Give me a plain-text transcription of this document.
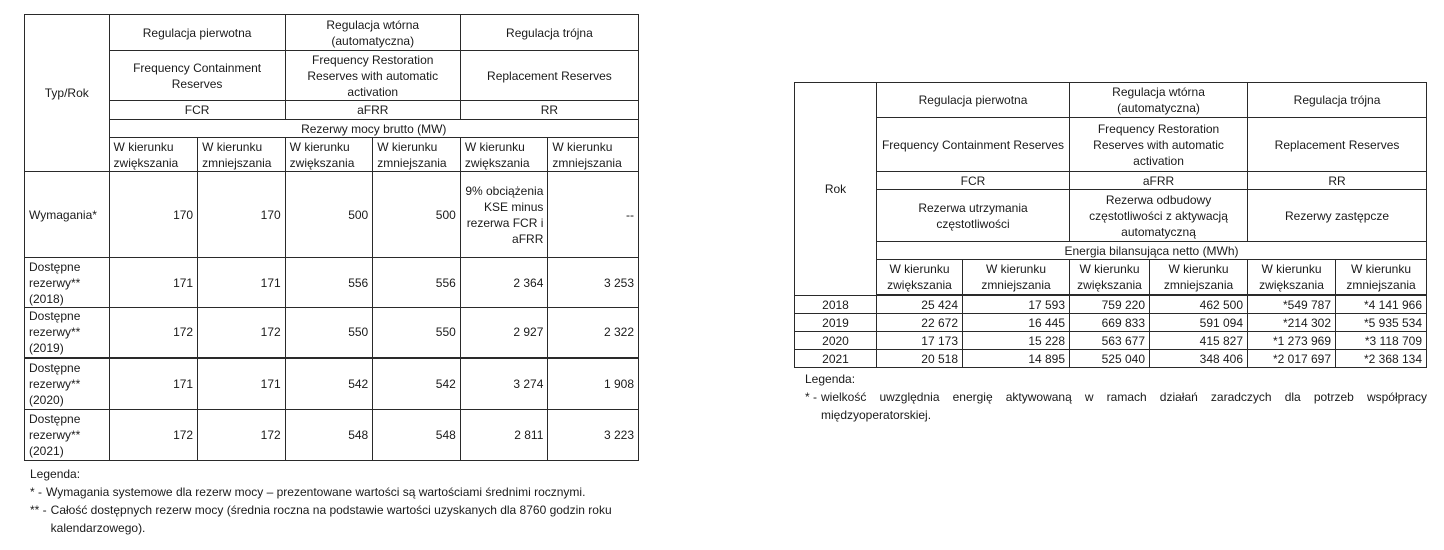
Typ/Rok	Regulacja pierwotna		Regulacja wtórna (automatyczna)		Regulacja trójna	
	Frequency Containment Reserves		Frequency Restoration Reserves with automatic activation		Replacement Reserves	
	FCR		aFRR		RR	
	Rezerwy mocy brutto (MW)					
	W kierunku zwiększania	W kierunku zmniejszania	W kierunku zwiększania	W kierunku zmniejszania	W kierunku zwiększania	W kierunku zmniejszania
Wymagania*	170	170	500	500	9% obciążenia KSE minus rezerwa FCR i aFRR	--
Dostępne rezerwy** (2018)	171	171	556	556	2 364	3 253
Dostępne rezerwy** (2019)	172	172	550	550	2 927	2 322
Dostępne rezerwy** (2020)	171	171	542	542	3 274	1 908
Dostępne rezerwy** (2021)	172	172	548	548	2 811	3 223
Legenda:
* - Wymagania systemowe dla rezerw mocy – prezentowane wartości są wartościami średnimi rocznymi.
** - Całość dostępnych rezerw mocy (średnia roczna na podstawie wartości uzyskanych dla 8760 godzin roku kalendarzowego).
Rok	Regulacja pierwotna		Regulacja wtórna (automatyczna)		Regulacja trójna	
	Frequency Containment Reserves		Frequency Restoration Reserves with automatic activation		Replacement Reserves	
	FCR		aFRR		RR	
	Rezerwa utrzymania częstotliwości		Rezerwa odbudowy częstotliwości z aktywacją automatyczną		Rezerwy zastępcze	
	Energia bilansująca netto (MWh)					
	W kierunku zwiększania	W kierunku zmniejszania	W kierunku zwiększania	W kierunku zmniejszania	W kierunku zwiększania	W kierunku zmniejszania

2018	25 424	17 593	759 220	462 500	*549 787	*4 141 966
2019	22 672	16 445	669 833	591 094	*214 302	*5 935 534
2020	17 173	15 228	563 677	415 827	*1 273 969	*3 118 709
2021	20 518	14 895	525 040	348 406	*2 017 697	*2 368 134
Legenda:
* - wielkość uwzględnia energię aktywowaną w ramach działań zaradczych dla potrzeb współpracy międzyoperatorskiej.
